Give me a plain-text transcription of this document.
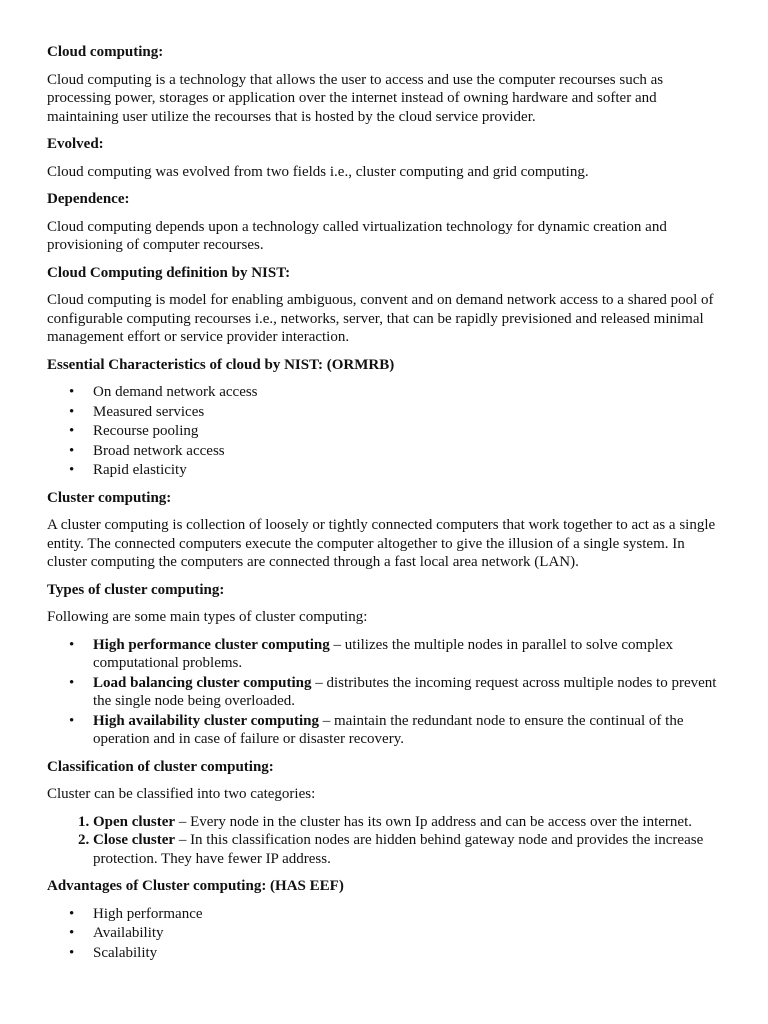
Cloud computing:

Cloud computing is a technology that allows the user to access and use the computer recourses such as processing power, storages or application over the internet instead of owning hardware and softer and maintaining user utilize the recourses that is hosted by the cloud service provider.

Evolved:

Cloud computing was evolved from two fields i.e., cluster computing and grid computing.

Dependence:

Cloud computing depends upon a technology called virtualization technology for dynamic creation and provisioning of computer recourses.

Cloud Computing definition by NIST:

Cloud computing is model for enabling ambiguous, convent and on demand network access to a shared pool of configurable computing recourses i.e., networks, server, that can be rapidly previsioned and released minimal management effort or service provider interaction.

Essential Characteristics of cloud by NIST: (ORMRB)
• On demand network access
• Measured services
• Recourse pooling
• Broad network access
• Rapid elasticity
Cluster computing:

A cluster computing is collection of loosely or tightly connected computers that work together to act as a single entity. The connected computers execute the computer altogether to give the illusion of a single system. In cluster computing the computers are connected through a fast local area network (LAN).

Types of cluster computing:

Following are some main types of cluster computing:

• High performance cluster computing – utilizes the multiple nodes in parallel to solve complex computational problems.
• Load balancing cluster computing – distributes the incoming request across multiple nodes to prevent the single node being overloaded.
• High availability cluster computing – maintain the redundant node to ensure the continual of the operation and in case of failure or disaster recovery.
Classification of cluster computing:

Cluster can be classified into two categories:

1. Open cluster – Every node in the cluster has its own Ip address and can be access over the internet.
2. Close cluster – In this classification nodes are hidden behind gateway node and provides the increase protection. They have fewer IP address.
Advantages of Cluster computing: (HAS EEF)
• High performance
• Availability
• Scalability
